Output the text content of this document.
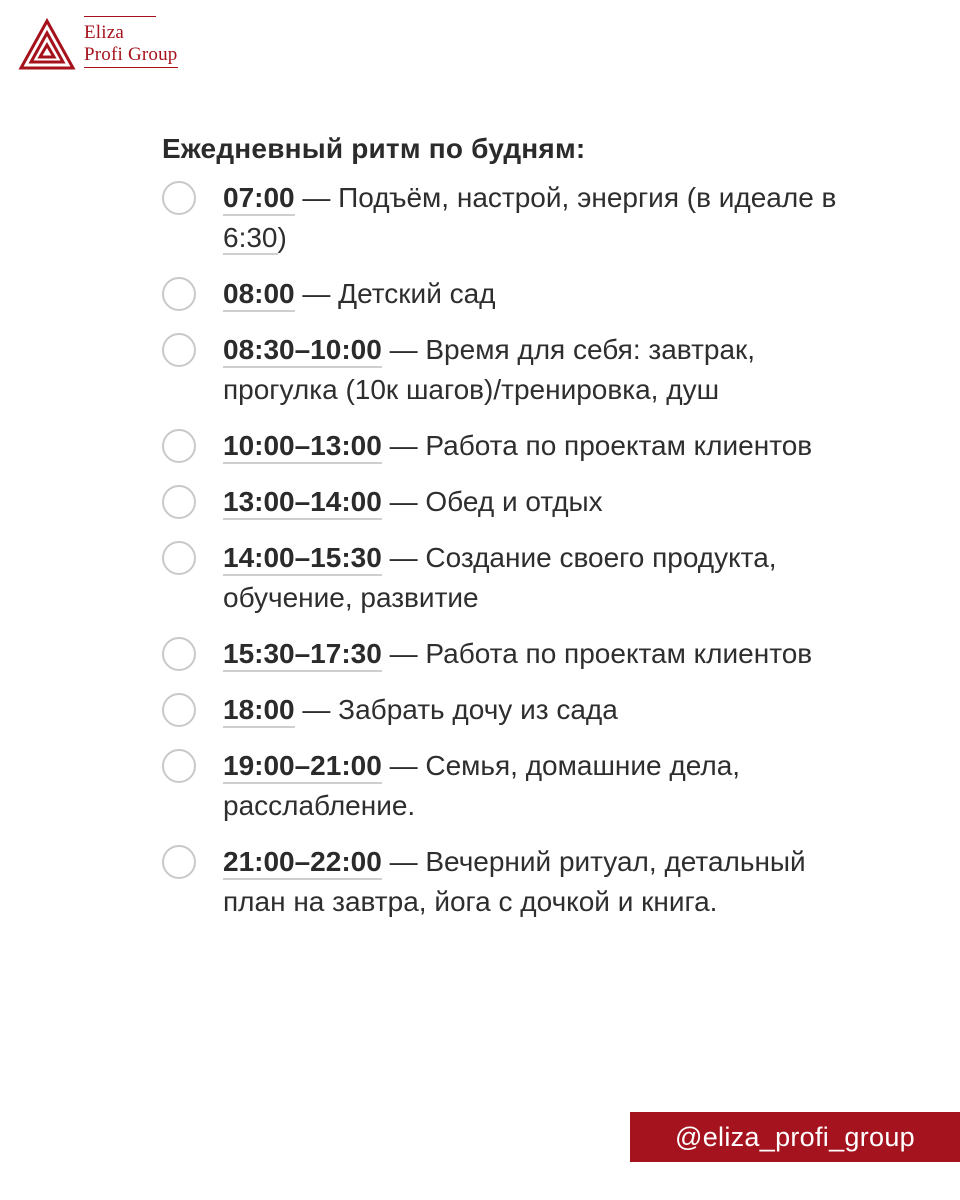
Eliza
Profi Group
Ежедневный ритм по будням:
07:00 — Подъём, настрой, энергия (в идеале в 6:30)
08:00 — Детский сад
08:30–10:00 — Время для себя: завтрак, прогулка (10к шагов)/тренировка, душ
10:00–13:00 — Работа по проектам клиентов
13:00–14:00 — Обед и отдых
14:00–15:30 — Создание своего продукта, обучение, развитие
15:30–17:30 — Работа по проектам клиентов
18:00 — Забрать дочу из сада
19:00–21:00 — Семья, домашние дела, расслабление.
21:00–22:00 — Вечерний ритуал, детальный план на завтра, йога с дочкой и книга.
@eliza_profi_group
